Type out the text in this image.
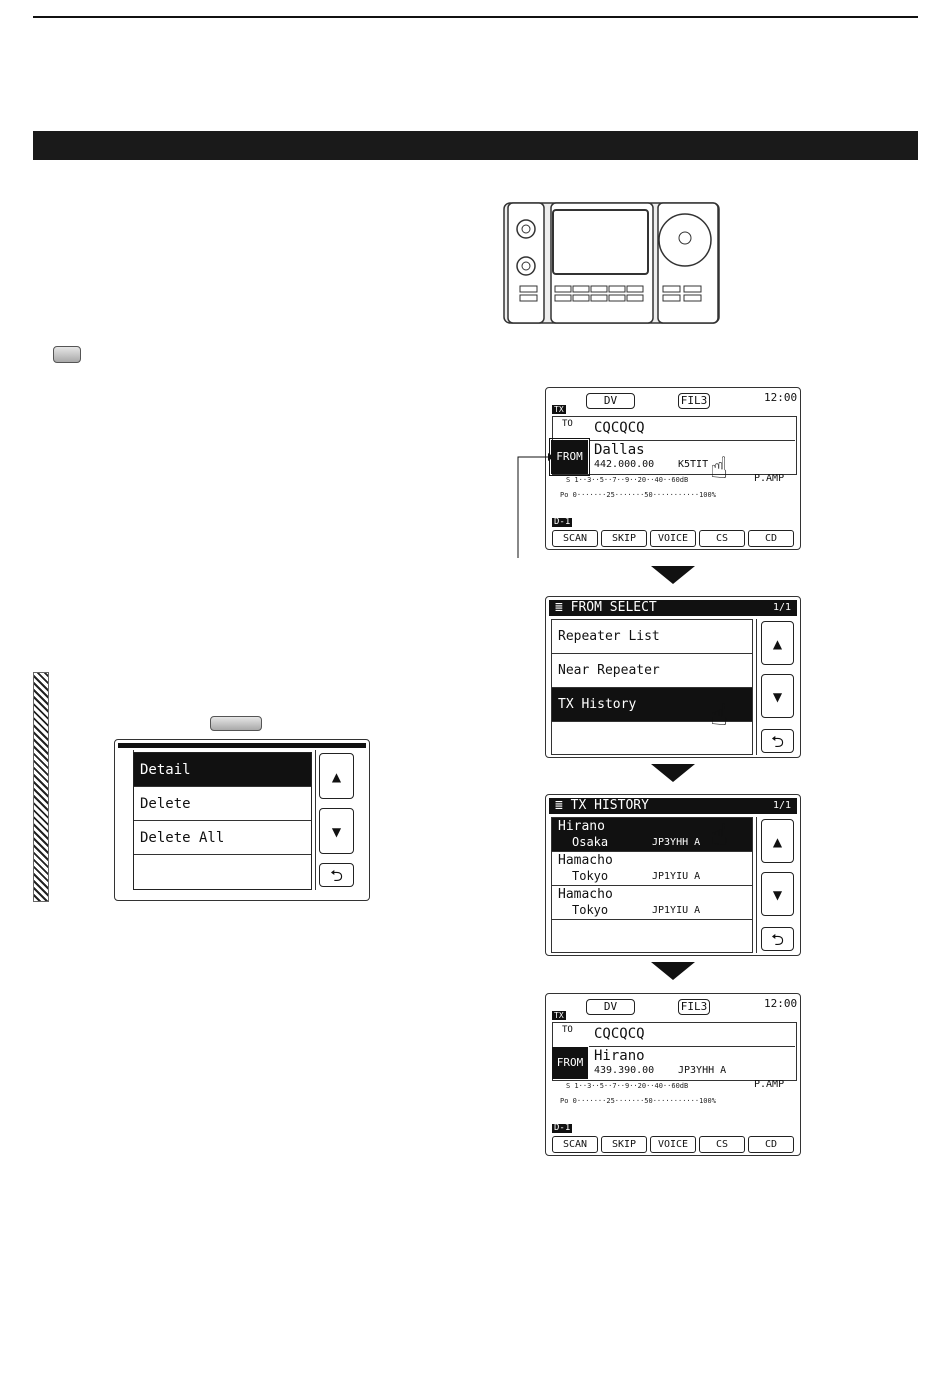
TX
DV	FIL3	12:00
TO CQCQCQ
FROM Dallas
442.000.00 K5TIT
S 1··3··5··7··9··20··40··60dB	P.AMP
Po 0·······25·······50···········100%
D-1
SCAN	SKIP	VOICE	CS	CD
☝
≣ FROM SELECT	1/1
Repeater List
Near Repeater
TX History
▲
▼
⮌
☝
≣ TX HISTORY	1/1
Hirano
Osaka	JP3YHH A
Hamacho
Tokyo	JP1YIU A
Hamacho
Tokyo	JP1YIU A
▲
▼
⮌
☝
TX
DV	FIL3	12:00
TO CQCQCQ
FROM Hirano
439.390.00 JP3YHH A
S 1··3··5··7··9··20··40··60dB	P.AMP
Po 0·······25·······50···········100%
D-1
SCAN	SKIP	VOICE	CS	CD
Detail
Delete
Delete All
▲
▼
⮌
